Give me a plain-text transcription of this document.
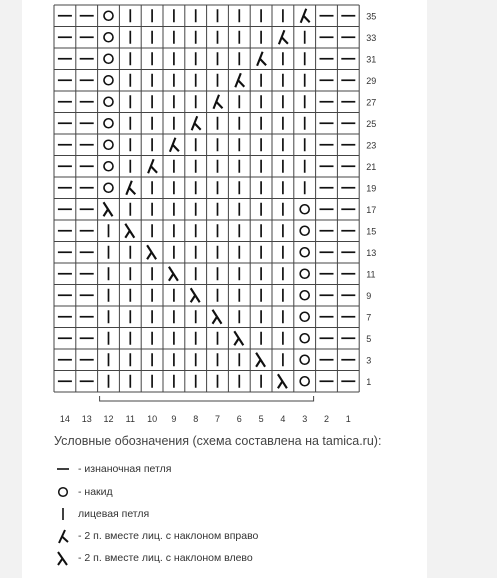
35
33
31
29
27
25
23
21
19
17
15
13
11
9
7
5
3
1
14 13 12 11 10 9 8 7 6 5 4 3 2 1
Условные обозначения (схема составлена на tamica.ru):
- изнаночная петля
- накид
лицевая петля
- 2 п. вместе лиц. с наклоном вправо
- 2 п. вместе лиц. с наклоном влево
